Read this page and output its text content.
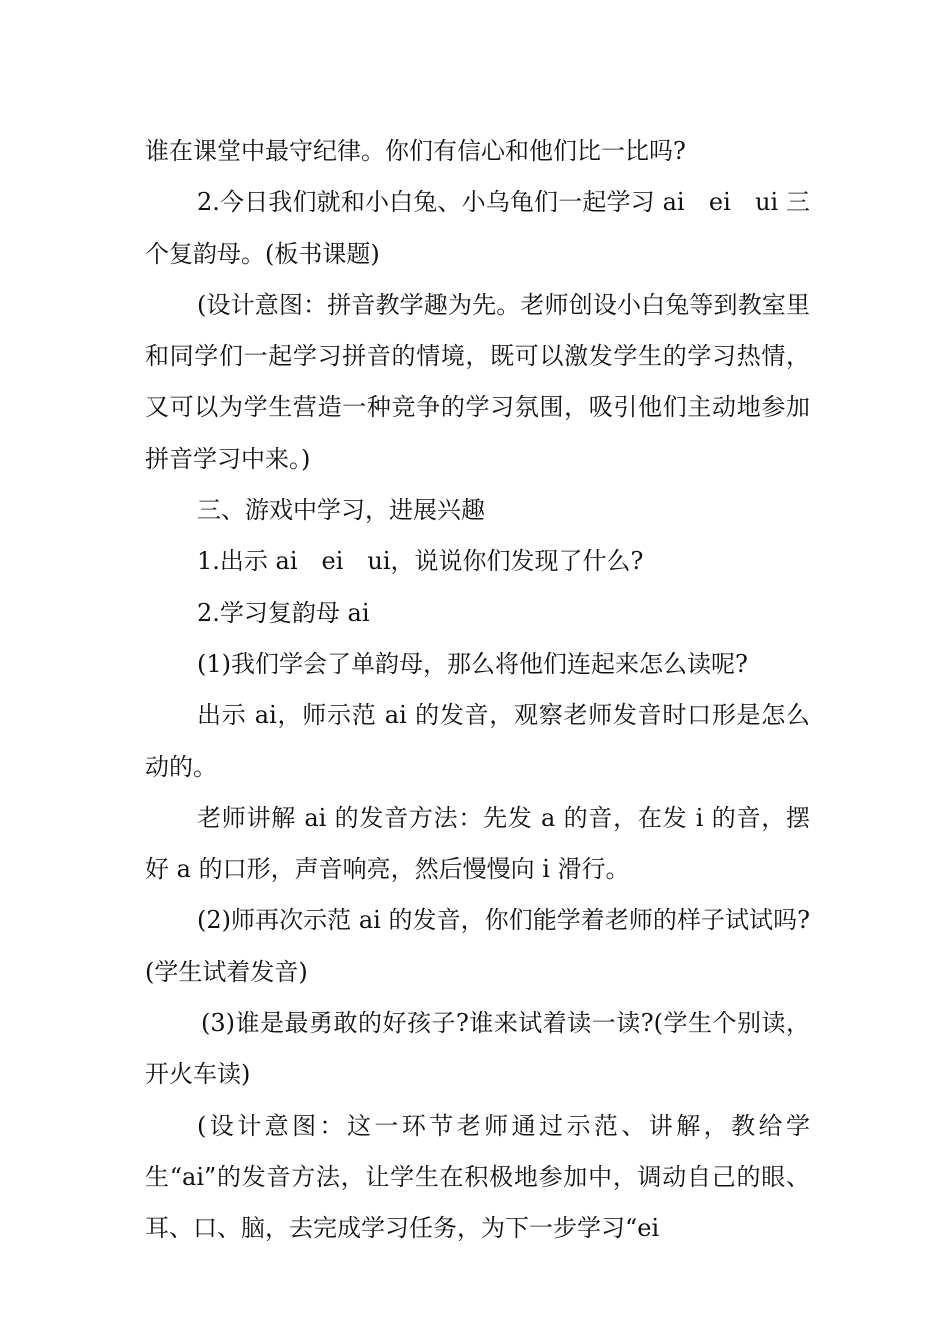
谁在课堂中最守纪律。你们有信心和他们比一比吗?

2.今日我们就和小白兔、小乌龟们一起学习 ai　ei　ui 三个复韵母。(板书课题)

(设计意图：拼音教学趣为先。老师创设小白兔等到教室里和同学们一起学习拼音的情境，既可以激发学生的学习热情，又可以为学生营造一种竞争的学习氛围，吸引他们主动地参加拼音学习中来。)

三、游戏中学习，进展兴趣

1.出示 ai　ei　ui，说说你们发现了什么?

2.学习复韵母 ai

(1)我们学会了单韵母，那么将他们连起来怎么读呢?

出示 ai，师示范 ai 的发音，观察老师发音时口形是怎么动的。

老师讲解 ai 的发音方法：先发 a 的音，在发 i 的音，摆好 a 的口形，声音响亮，然后慢慢向 i 滑行。

(2)师再次示范 ai 的发音，你们能学着老师的样子试试吗?(学生试着发音)

(3)谁是最勇敢的好孩子?谁来试着读一读?(学生个别读，开火车读)

(设计意图：这一环节老师通过示范、讲解，教给学生“ai”的发音方法，让学生在积极地参加中，调动自己的眼、耳、口、脑，去完成学习任务，为下一步学习“ei
